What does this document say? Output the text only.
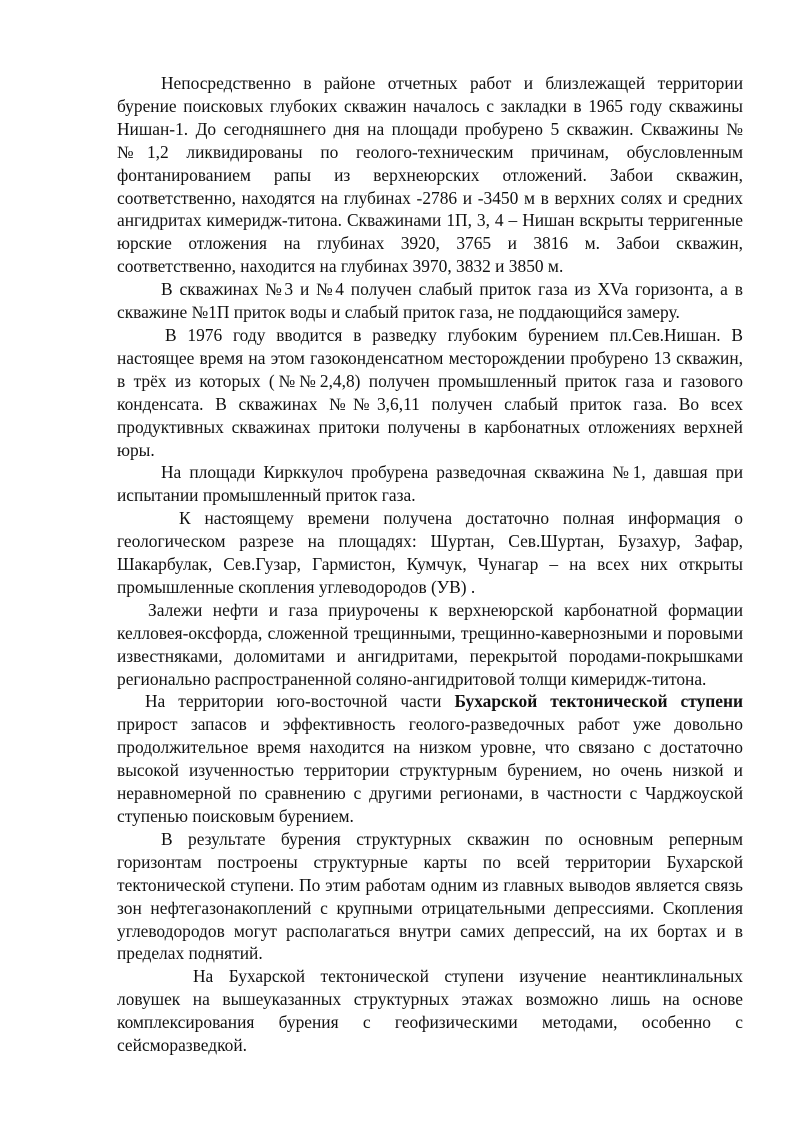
Непосредственно в районе отчетных работ и близлежащей территории бурение поисковых глубоких скважин началось с закладки в 1965 году скважины Нишан-1. До сегодняшнего дня на площади пробурено 5 скважин. Скважины №№1,2 ликвидированы по геолого-техническим причинам, обусловленным фонтанированием рапы из верхнеюрских отложений. Забои скважин, соответственно, находятся на глубинах -2786 и -3450 м в верхних солях и средних ангидритах кимеридж-титона. Скважинами 1П, 3, 4 – Нишан вскрыты терригенные юрские отложения на глубинах 3920, 3765 и 3816 м. Забои скважин, соответственно, находится на глубинах 3970, 3832 и 3850 м.

В скважинах №3 и №4 получен слабый приток газа из XVa горизонта, а в скважине №1П приток воды и слабый приток газа, не поддающийся замеру.

В 1976 году вводится в разведку глубоким бурением пл.Сев.Нишан. В настоящее время на этом газоконденсатном месторождении пробурено 13 скважин, в трёх из которых (№№2,4,8) получен промышленный приток газа и газового конденсата. В скважинах №№3,6,11 получен слабый приток газа. Во всех продуктивных скважинах притоки получены в карбонатных отложениях верхней юры.

На площади Кирккулоч пробурена разведочная скважина №1, давшая при испытании промышленный приток газа.

К настоящему времени получена достаточно полная информация о геологическом разрезе на площадях: Шуртан, Сев.Шуртан, Бузахур, Зафар, Шакарбулак, Сев.Гузар, Гармистон, Кумчук, Чунагар – на всех них открыты промышленные скопления углеводородов (УВ) .

Залежи нефти и газа приурочены к верхнеюрской карбонатной формации келловея-оксфорда, сложенной трещинными, трещинно-кавернозными и поровыми известняками, доломитами и ангидритами, перекрытой породами-покрышками регионально распространенной соляно-ангидритовой толщи кимеридж-титона.

На территории юго-восточной части Бухарской тектонической ступени прирост запасов и эффективность геолого-разведочных работ уже довольно продолжительное время находится на низком уровне, что связано с достаточно высокой изученностью территории структурным бурением, но очень низкой и неравномерной по сравнению с другими регионами, в частности с Чарджоуской ступенью поисковым бурением.

В результате бурения структурных скважин по основным реперным горизонтам построены структурные карты по всей территории Бухарской тектонической ступени. По этим работам одним из главных выводов является связь зон нефтегазонакоплений с крупными отрицательными депрессиями. Скопления углеводородов могут располагаться внутри самих депрессий, на их бортах и в пределах поднятий.

На Бухарской тектонической ступени изучение неантиклинальных ловушек на вышеуказанных структурных этажах возможно лишь на основе комплексирования бурения с геофизическими методами, особенно с сейсморазведкой.
